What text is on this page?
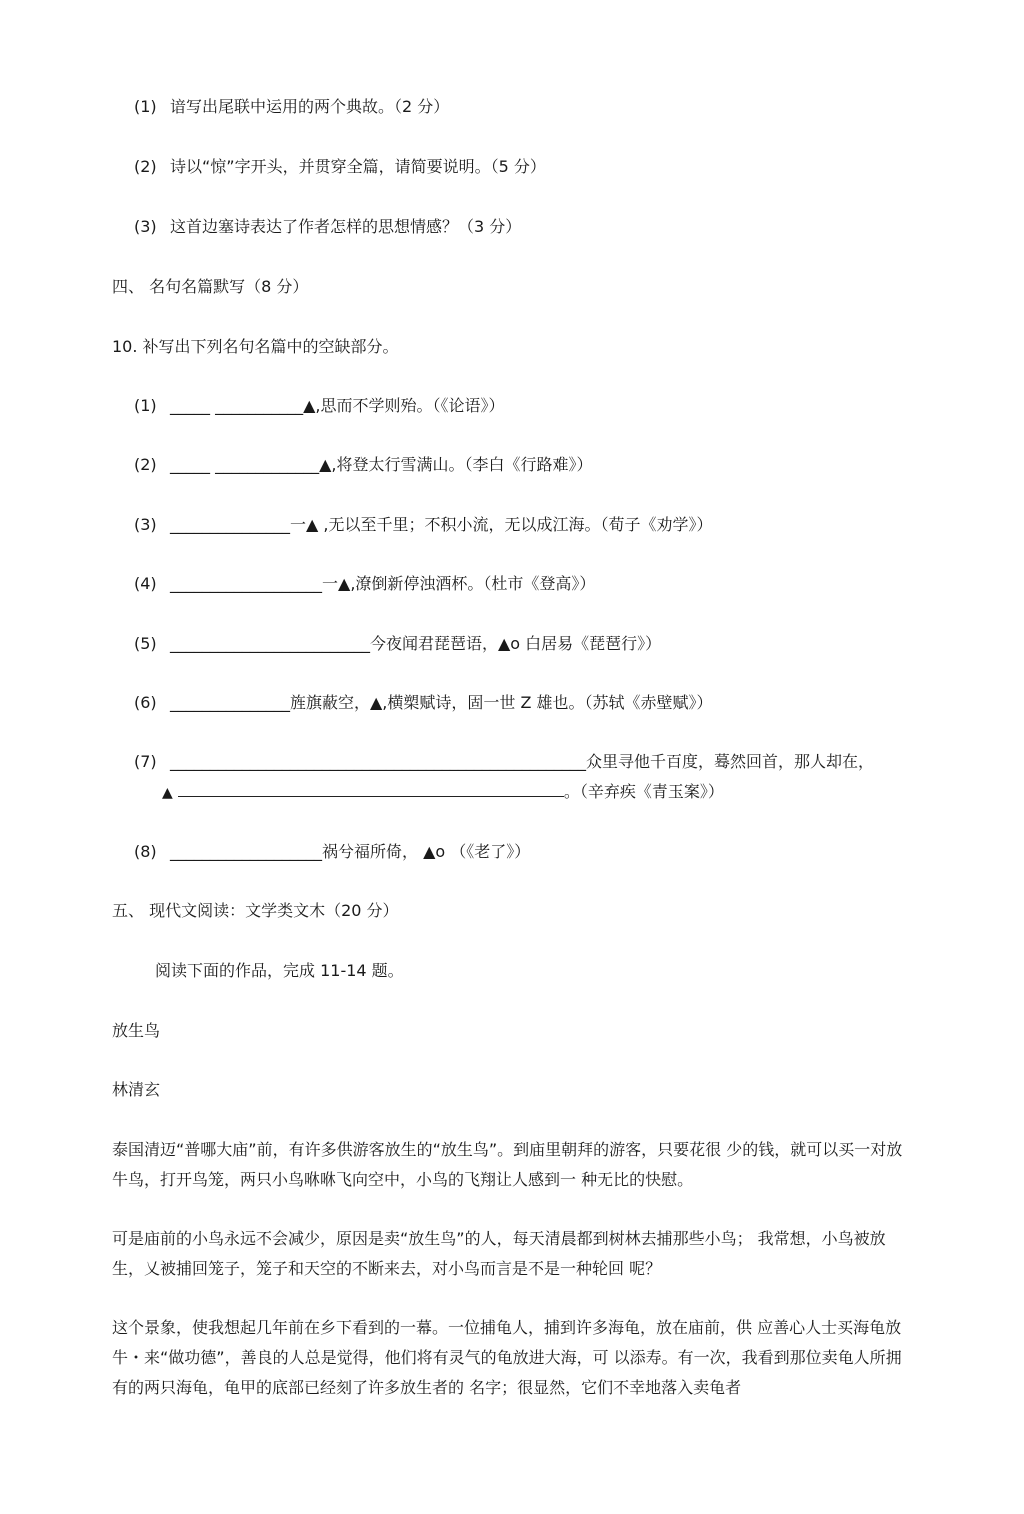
(1) 谙写出尾联中运用的两个典故。（2 分）
(2) 诗以“惊”字开头，并贯穿全篇，请简要说明。（5 分）
(3) 这首边塞诗表达了作者怎样的思想情感？（3 分）
四、 名句名篇默写（8 分）
10. 补写出下列名句名篇中的空缺部分。
(1) _____ ___________▲,思而不学则殆。（《论语》）
(2) _____ _____________▲,将登太行雪满山。（李白《行路难》）
(3) _______________一▲ ,无以至千里；不积小流，无以成江海。（荀子《劝学》）
(4) ___________________一▲,潦倒新停浊酒杯。（杜市《登高》）
(5) _________________________今夜闻君琵琶语，▲o 白居易《琵琶行》）
(6) _______________旌旗蔽空，▲,横槊赋诗，固一世 Z 雄也。（苏轼《赤壁赋》）
(7) ____________________________________________________众里寻他千百度，蓦然回首，那人却在，
▲	。（辛弃疾《青玉案》）
(8) ___________________祸兮福所倚， ▲o （《老了》）
五、 现代文阅读：文学类文木（20 分）
阅读下面的作品，完成 11-14 题。
放生鸟
林清玄
泰国清迈“普哪大庙”前，有许多供游客放生的“放生鸟”。到庙里朝拜的游客，只要花很 少的钱，就可以买一对放牛鸟，打开鸟笼，两只小鸟咻咻飞向空中，小鸟的飞翔让人感到一 种无比的快慰。
可是庙前的小鸟永远不会减少，原因是卖“放生鸟”的人，每天清晨都到树林去捕那些小鸟； 我常想，小鸟被放生，乂被捕回笼子，笼子和天空的不断来去，对小鸟而言是不是一种轮回 呢？
这个景象，使我想起几年前在乡下看到的一幕。一位捕龟人，捕到许多海龟，放在庙前，供 应善心人士买海龟放牛・来“做功德”，善良的人总是觉得，他们将有灵气的龟放进大海，可 以添寿。有一次，我看到那位卖龟人所拥有的两只海龟，龟甲的底部已经刻了许多放生者的 名字；很显然，它们不幸地落入卖龟者
